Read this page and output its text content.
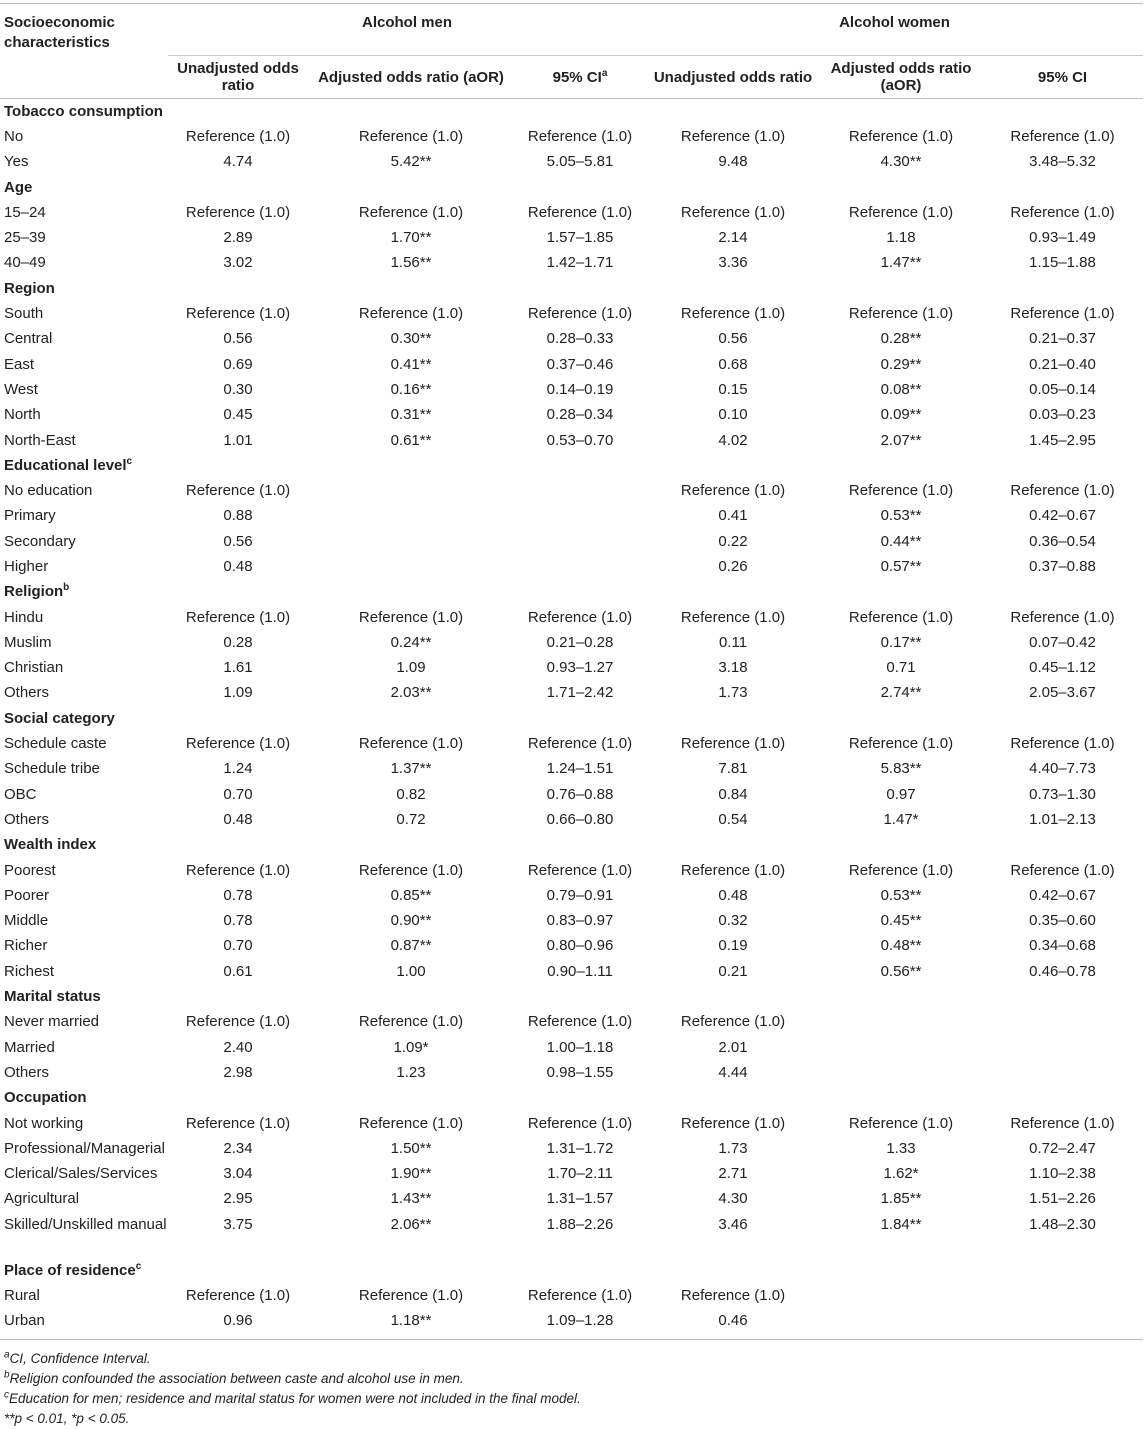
Socioeconomic characteristics	Alcohol men			Alcohol women		

	Unadjusted odds ratio	Adjusted odds ratio (aOR)	95% $CI^a$	Unadjusted odds ratio	Adjusted odds ratio (aOR)	95% CI
Tobacco consumption						
No	Reference (1.0)	Reference (1.0)	Reference (1.0)	Reference (1.0)	Reference (1.0)	Reference (1.0)
Yes	4.74	5.42**	5.05–5.81	9.48	4.30**	3.48–5.32
Age						
15–24	Reference (1.0)	Reference (1.0)	Reference (1.0)	Reference (1.0)	Reference (1.0)	Reference (1.0)
25–39	2.89	1.70**	1.57–1.85	2.14	1.18	0.93–1.49
40–49	3.02	1.56**	1.42–1.71	3.36	1.47**	1.15–1.88
Region						
South	Reference (1.0)	Reference (1.0)	Reference (1.0)	Reference (1.0)	Reference (1.0)	Reference (1.0)
Central	0.56	0.30**	0.28–0.33	0.56	0.28**	0.21–0.37
East	0.69	0.41**	0.37–0.46	0.68	0.29**	0.21–0.40
West	0.30	0.16**	0.14–0.19	0.15	0.08**	0.05–0.14
North	0.45	0.31**	0.28–0.34	0.10	0.09**	0.03–0.23
North-East	1.01	0.61**	0.53–0.70	4.02	2.07**	1.45–2.95
Educational level$^c$
No education	Reference (1.0)			Reference (1.0)	Reference (1.0)	Reference (1.0)
Primary	0.88			0.41	0.53**	0.42–0.67
Secondary	0.56			0.22	0.44**	0.36–0.54
Higher	0.48			0.26	0.57**	0.37–0.88
Religion$^b$
Hindu	Reference (1.0)	Reference (1.0)	Reference (1.0)	Reference (1.0)	Reference (1.0)	Reference (1.0)
Muslim	0.28	0.24**	0.21–0.28	0.11	0.17**	0.07–0.42
Christian	1.61	1.09	0.93–1.27	3.18	0.71	0.45–1.12
Others	1.09	2.03**	1.71–2.42	1.73	2.74**	2.05–3.67
Social category						
Schedule caste	Reference (1.0)	Reference (1.0)	Reference (1.0)	Reference (1.0)	Reference (1.0)	Reference (1.0)
Schedule tribe	1.24	1.37**	1.24–1.51	7.81	5.83**	4.40–7.73
OBC	0.70	0.82	0.76–0.88	0.84	0.97	0.73–1.30
Others	0.48	0.72	0.66–0.80	0.54	1.47*	1.01–2.13
Wealth index						
Poorest	Reference (1.0)	Reference (1.0)	Reference (1.0)	Reference (1.0)	Reference (1.0)	Reference (1.0)
Poorer	0.78	0.85**	0.79–0.91	0.48	0.53**	0.42–0.67
Middle	0.78	0.90**	0.83–0.97	0.32	0.45**	0.35–0.60
Richer	0.70	0.87**	0.80–0.96	0.19	0.48**	0.34–0.68
Richest	0.61	1.00	0.90–1.11	0.21	0.56**	0.46–0.78
Marital status						
Never married	Reference (1.0)	Reference (1.0)	Reference (1.0)	Reference (1.0)		
Married	2.40	1.09*	1.00–1.18	2.01		
Others	2.98	1.23	0.98–1.55	4.44		
Occupation						
Not working	Reference (1.0)	Reference (1.0)	Reference (1.0)	Reference (1.0)	Reference (1.0)	Reference (1.0)
Professional/Managerial	2.34	1.50**	1.31–1.72	1.73	1.33	0.72–2.47
Clerical/Sales/Services	3.04	1.90**	1.70–2.11	2.71	1.62*	1.10–2.38
Agricultural	2.95	1.43**	1.31–1.57	4.30	1.85**	1.51–2.26
Skilled/Unskilled manual	3.75	2.06**	1.88–2.26	3.46	1.84**	1.48–2.30
Place of residence$^c$
Rural	Reference (1.0)	Reference (1.0)	Reference (1.0)	Reference (1.0)		
Urban	0.96	1.18**	1.09–1.28	0.46		
$^a$CI, Confidence Interval.
$^b$Religion confounded the association between caste and alcohol use in men.
$^c$Education for men; residence and marital status for women were not included in the final model.
**p < 0.01, *p < 0.05.
